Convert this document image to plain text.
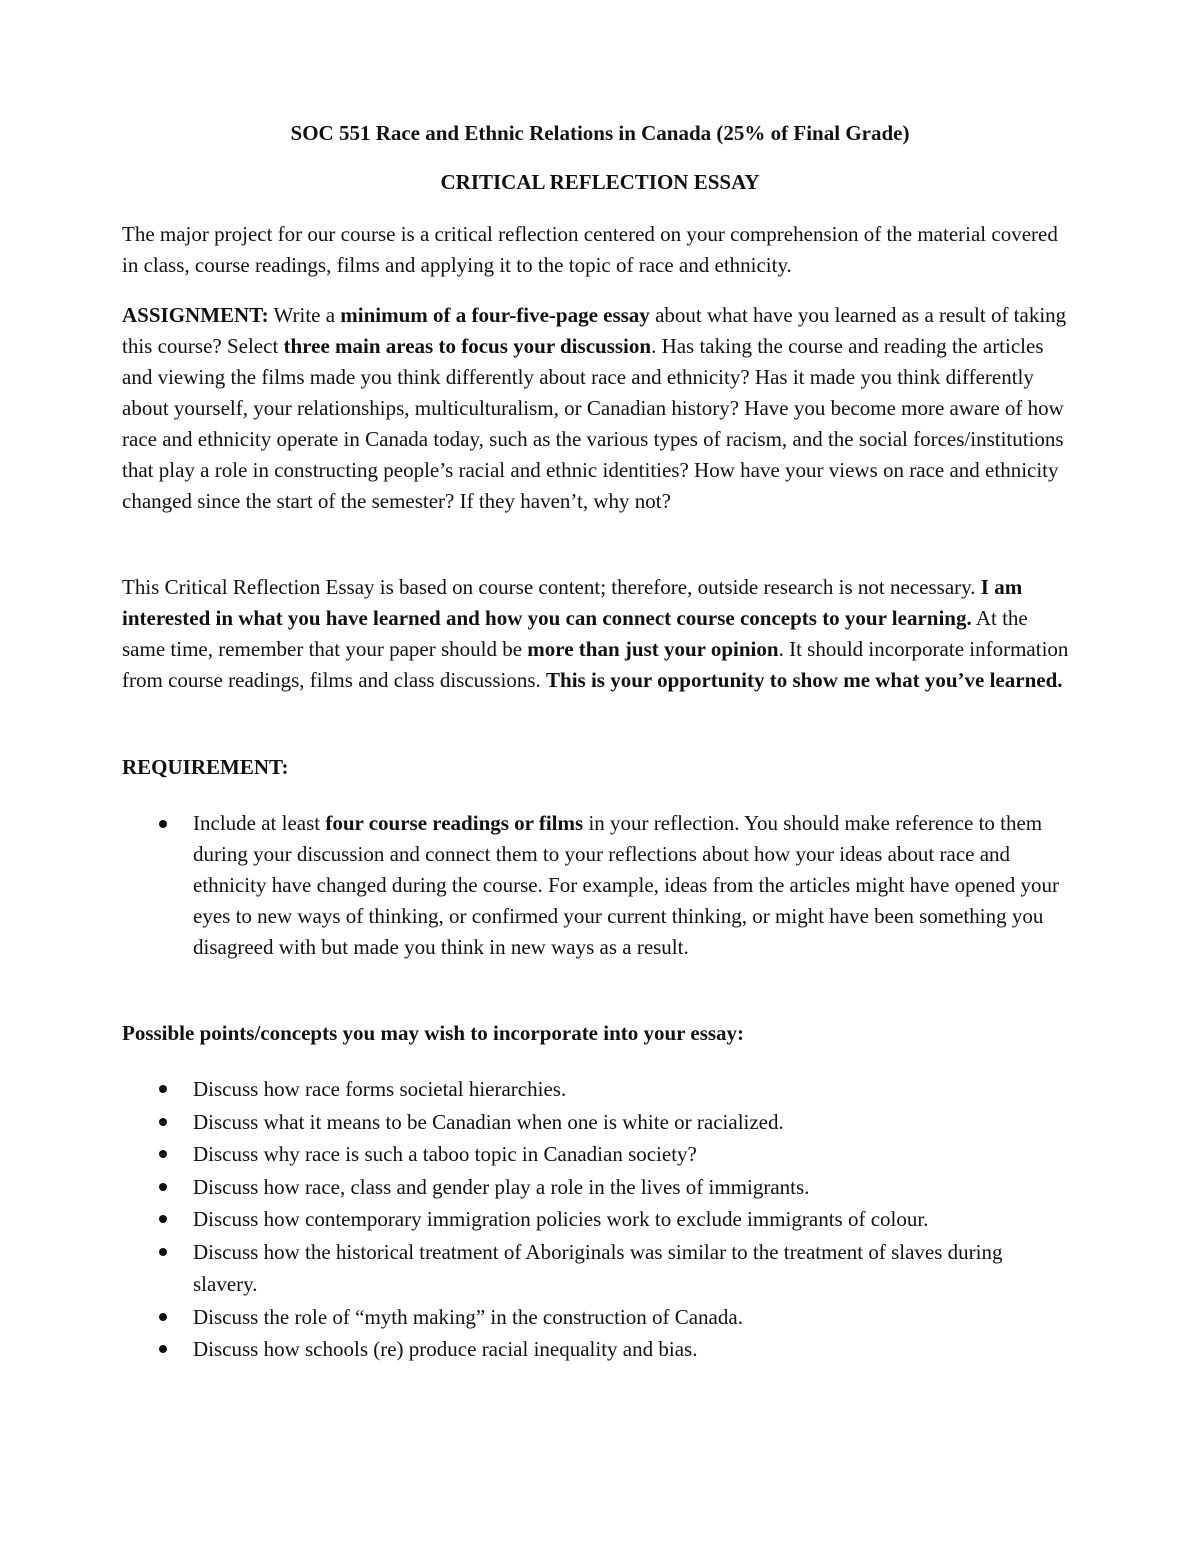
SOC 551 Race and Ethnic Relations in Canada (25% of Final Grade)
CRITICAL REFLECTION ESSAY

The major project for our course is a critical reflection centered on your comprehension of the material covered in class, course readings, films and applying it to the topic of race and ethnicity.

ASSIGNMENT: Write a minimum of a four-five-page essay about what have you learned as a result of taking this course? Select three main areas to focus your discussion. Has taking the course and reading the articles and viewing the films made you think differently about race and ethnicity? Has it made you think differently about yourself, your relationships, multiculturalism, or Canadian history? Have you become more aware of how race and ethnicity operate in Canada today, such as the various types of racism, and the social forces/institutions that play a role in constructing people’s racial and ethnic identities? How have your views on race and ethnicity changed since the start of the semester? If they haven’t, why not?

This Critical Reflection Essay is based on course content; therefore, outside research is not necessary. I am interested in what you have learned and how you can connect course concepts to your learning. At the same time, remember that your paper should be more than just your opinion. It should incorporate information from course readings, films and class discussions. This is your opportunity to show me what you’ve learned.

REQUIREMENT:
Include at least four course readings or films in your reflection. You should make reference to them during your discussion and connect them to your reflections about how your ideas about race and ethnicity have changed during the course. For example, ideas from the articles might have opened your eyes to new ways of thinking, or confirmed your current thinking, or might have been something you disagreed with but made you think in new ways as a result.
Possible points/concepts you may wish to incorporate into your essay:
Discuss how race forms societal hierarchies.
Discuss what it means to be Canadian when one is white or racialized.
Discuss why race is such a taboo topic in Canadian society?
Discuss how race, class and gender play a role in the lives of immigrants.
Discuss how contemporary immigration policies work to exclude immigrants of colour.
Discuss how the historical treatment of Aboriginals was similar to the treatment of slaves during slavery.
Discuss the role of “myth making” in the construction of Canada.
Discuss how schools (re) produce racial inequality and bias.
